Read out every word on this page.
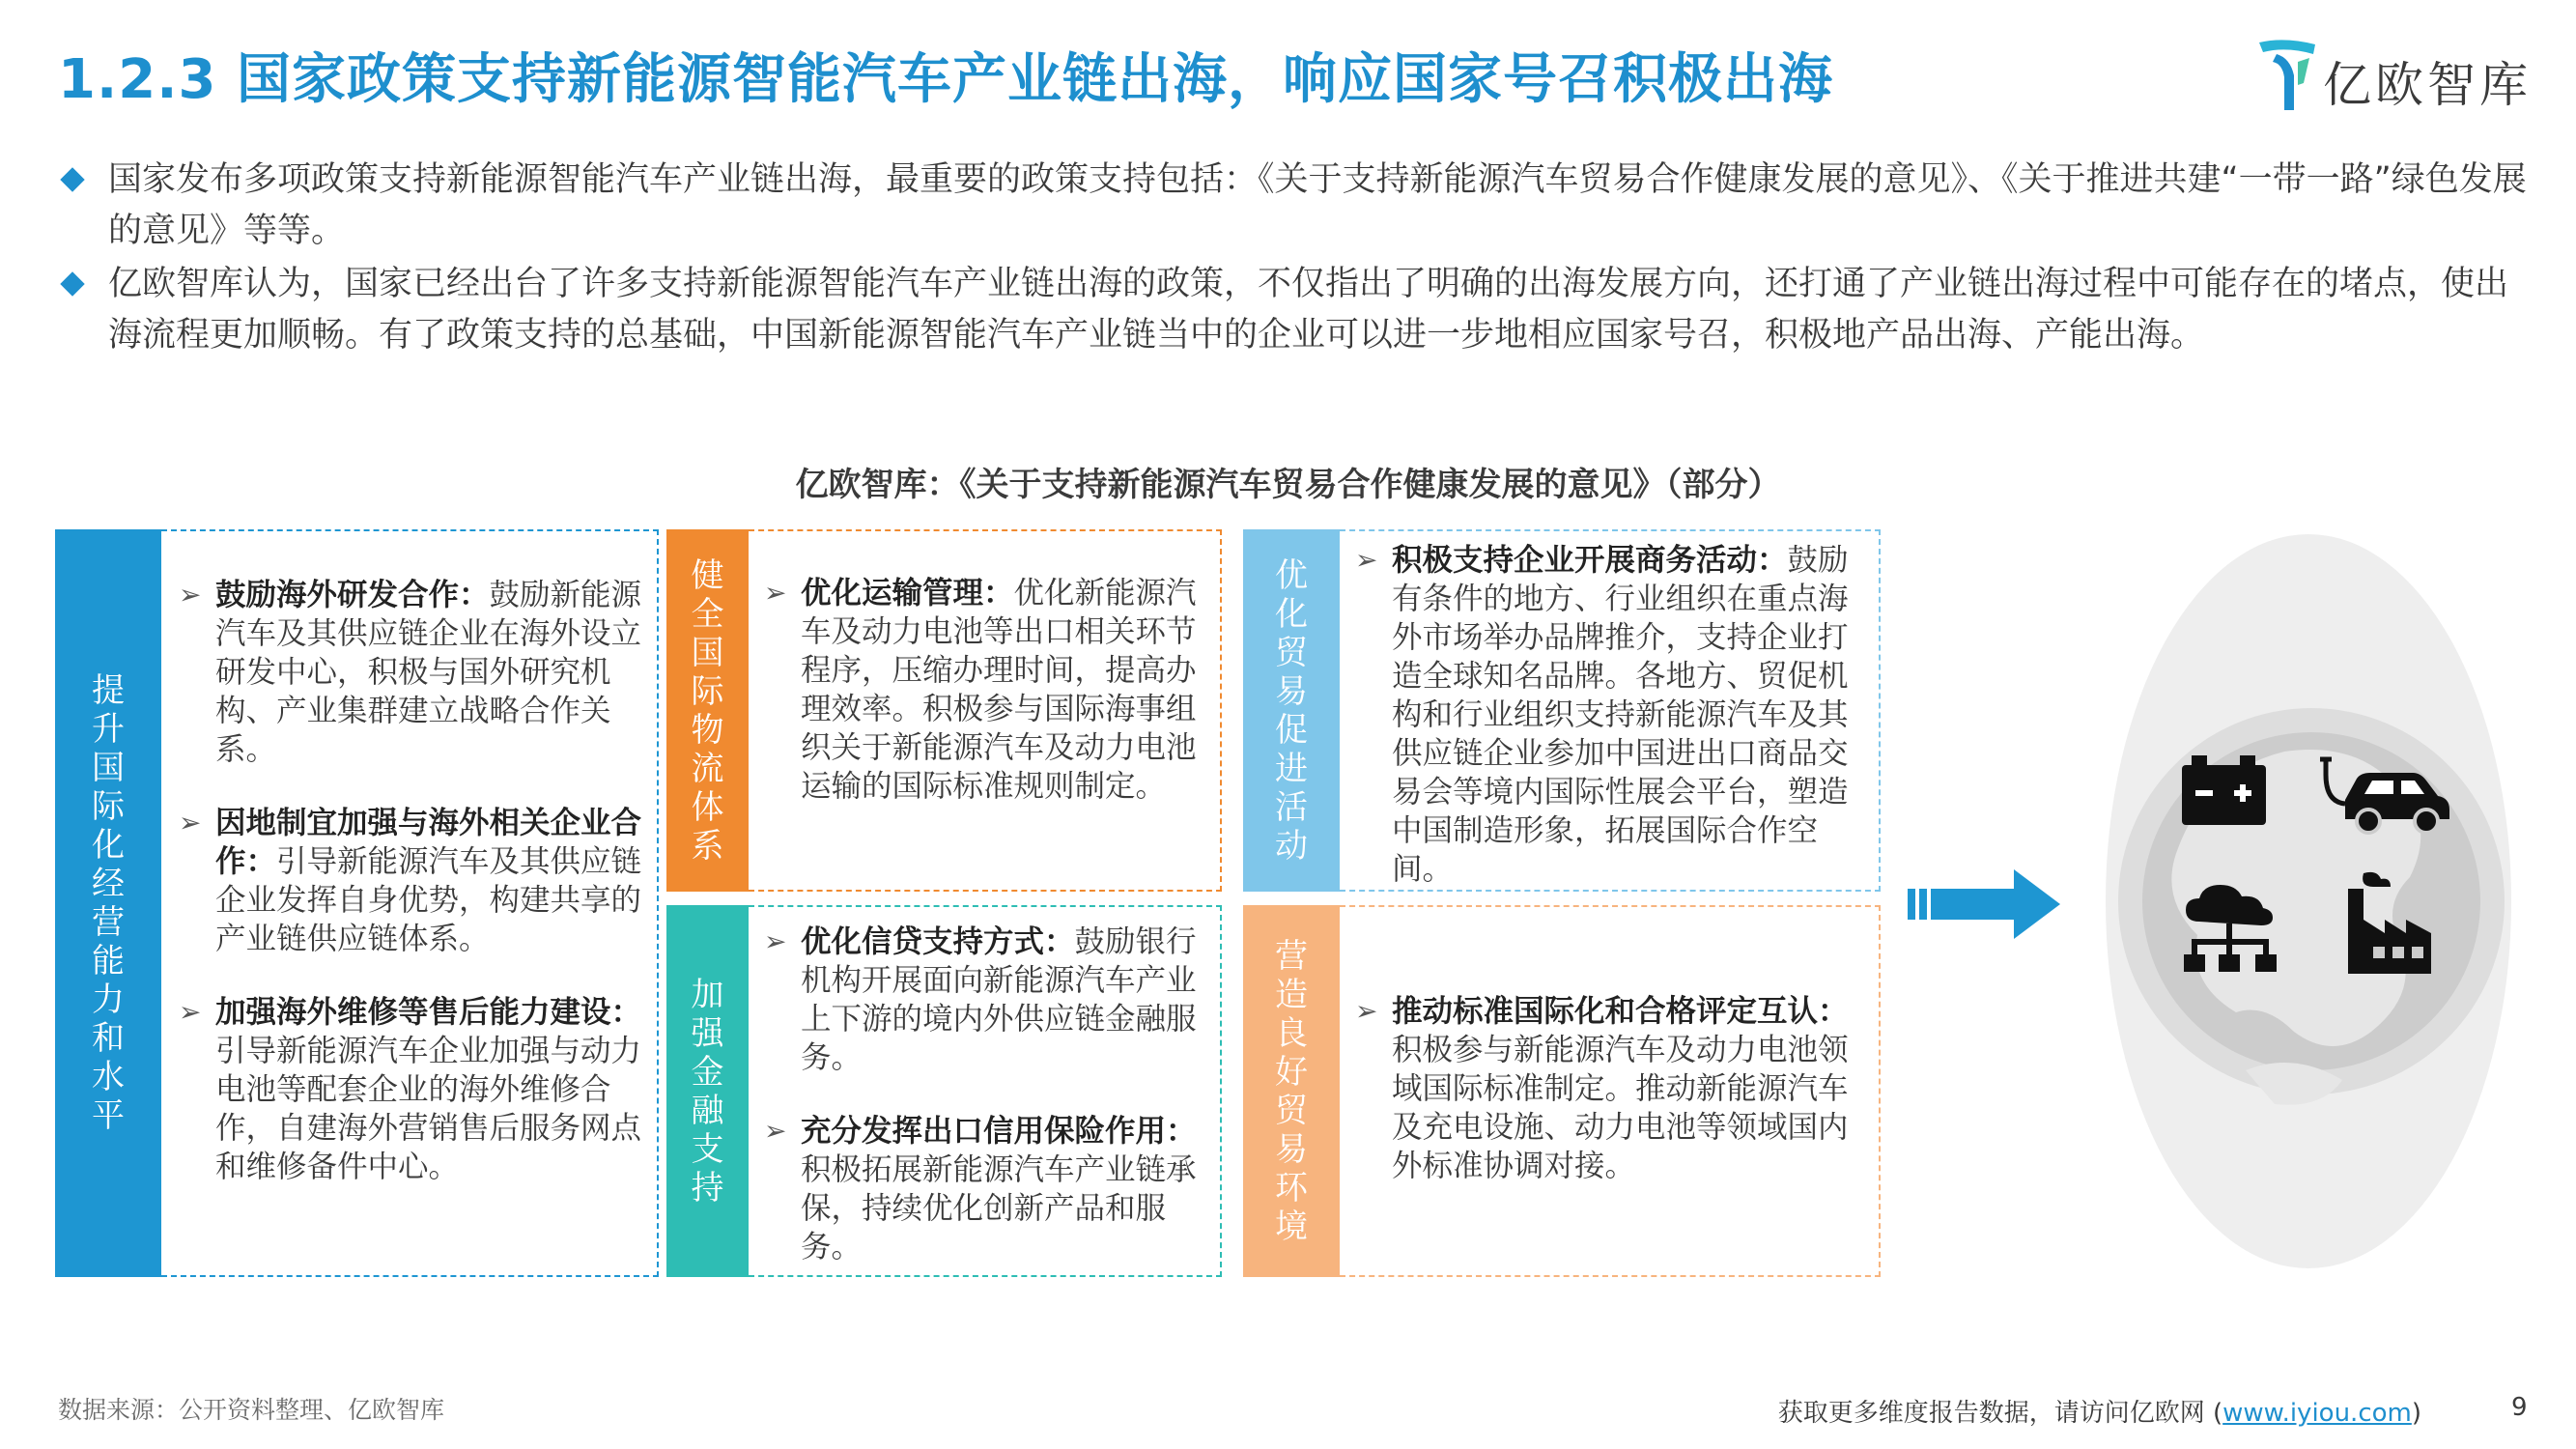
1.2.3 国家政策支持新能源智能汽车产业链出海，响应国家号召积极出海	亿欧智库
国家发布多项政策支持新能源智能汽车产业链出海，最重要的政策支持包括：《关于支持新能源汽车贸易合作健康发展的意见》、《关于推进共建“一带一路”绿色发展的意见》等等。
亿欧智库认为，国家已经出台了许多支持新能源智能汽车产业链出海的政策，不仅指出了明确的出海发展方向，还打通了产业链出海过程中可能存在的堵点，使出海流程更加顺畅。有了政策支持的总基础，中国新能源智能汽车产业链当中的企业可以进一步地相应国家号召，积极地产品出海、产能出海。
亿欧智库：《关于支持新能源汽车贸易合作健康发展的意见》（部分）
提升国际化经营能力和水平
➢ 鼓励海外研发合作：鼓励新能源汽车及其供应链企业在海外设立研发中心，积极与国外研究机构、产业集群建立战略合作关系。
➢ 因地制宜加强与海外相关企业合作：引导新能源汽车及其供应链企业发挥自身优势，构建共享的产业链供应链体系。
➢ 加强海外维修等售后能力建设：引导新能源汽车企业加强与动力电池等配套企业的海外维修合作，自建海外营销售后服务网点和维修备件中心。
健全国际物流体系
➢ 优化运输管理：优化新能源汽车及动力电池等出口相关环节程序，压缩办理时间，提高办理效率。积极参与国际海事组织关于新能源汽车及动力电池运输的国际标准规则制定。
加强金融支持
➢ 优化信贷支持方式：鼓励银行机构开展面向新能源汽车产业上下游的境内外供应链金融服务。
➢ 充分发挥出口信用保险作用：积极拓展新能源汽车产业链承保，持续优化创新产品和服务。
优化贸易促进活动
➢ 积极支持企业开展商务活动：鼓励有条件的地方、行业组织在重点海外市场举办品牌推介，支持企业打造全球知名品牌。各地方、贸促机构和行业组织支持新能源汽车及其供应链企业参加中国进出口商品交易会等境内国际性展会平台，塑造中国制造形象，拓展国际合作空间。
营造良好贸易环境
➢ 推动标准国际化和合格评定互认：积极参与新能源汽车及动力电池领域国际标准制定。推动新能源汽车及充电设施、动力电池等领域国内外标准协调对接。
数据来源：公开资料整理、亿欧智库	获取更多维度报告数据，请访问亿欧网 (www.iyiou.com)	9
